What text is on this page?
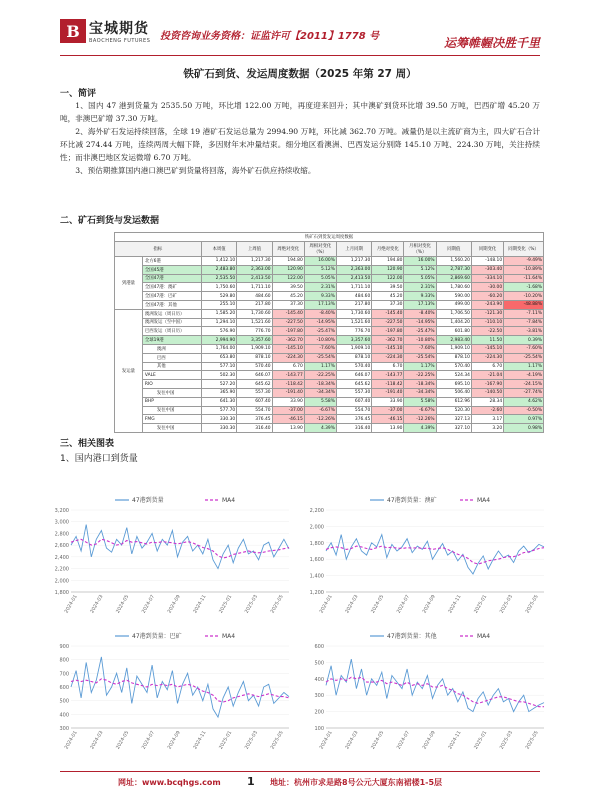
B 宝城期货
BAOCHENG FUTURES 投资咨询业务资格：证监许可【2011】1778 号	运筹帷幄决胜千里
铁矿石到货、发运周度数据（2025 年第 27 周）
一、简评

1、国内 47 港到货量为 2535.50 万吨，环比增 122.00 万吨，再度迎来回升；其中澳矿到货环比增 39.50 万吨，巴西矿增 45.20 万吨，非澳巴矿增 37.30 万吨。

2、海外矿石发运持续回落，全球 19 港矿石发运总量为 2994.90 万吨，环比减 362.70 万吨。减量仍是以主流矿商为主，四大矿石合计环比减 274.44 万吨，连续两周大幅下降，多因财年末冲量结束。细分地区看澳洲、巴西发运分别降 145.10 万吨、224.30 万吨，关注持续性；而非澳巴地区发运微增 6.70 万吨。

3、预估期推算国内港口澳巴矿到货量将回落，海外矿石供应持续收缩。

二、矿石到货与发运数据
铁矿石到货发运周度数据											
指标		本周值	上周值	周绝对变化	周相对变化（%）	上月同期	月绝对变化	月相对变化（%）	同期值	同期变化	同期变化（%）
到港量	北方6港	1,412.10	1,217.30	194.80	16.00%	1,217.30	194.80	16.00%	1,560.20	-148.10	-9.49%
	全国45港	2,483.80	2,363.00	120.90	5.12%	2,363.00	120.90	5.12%	2,787.30	-303.40	-10.89%
	全国47港	2,535.50	2,413.50	122.00	5.05%	2,413.50	122.00	5.05%	2,869.60	-334.10	-11.64%
	全国47港：澳矿	1,750.60	1,711.10	39.50	2.31%	1,711.10	39.50	2.31%	1,780.60	-30.00	-1.68%
	全国47港：巴矿	529.80	484.60	45.20	9.33%	484.60	45.20	9.33%	590.00	-60.20	-10.20%
	全国47港：其他	255.10	217.80	37.30	17.13%	217.80	37.30	17.13%	499.00	-243.90	-48.88%
发运量	澳洲发运（周日历）	1,585.20	1,730.60	-145.40	-8.40%	1,730.60	-145.40	-8.40%	1,706.50	-121.30	-7.11%
	澳洲发运（至中国）	1,294.10	1,521.60	-227.50	-14.95%	1,521.60	-227.50	-14.95%	1,404.20	-110.10	-7.84%
	巴西发运（周日历）	576.90	776.70	-197.80	-25.47%	776.70	-197.80	-25.47%	601.80	-22.50	-3.81%
	全球19港	2,994.90	3,357.60	-362.70	-10.80%	3,357.60	-362.70	-10.80%	2,983.40	11.50	0.39%
	澳洲	1,764.00	1,909.10	-145.10	-7.60%	1,909.10	-145.10	-7.60%	1,909.10	-145.10	-7.60%
	巴西	653.80	878.10	-224.30	-25.54%	878.10	-224.30	-25.54%	878.10	-224.30	-25.54%
	其他	577.10	570.40	6.70	1.17%	570.40	6.70	1.17%	570.40	6.70	1.17%
	VALE	502.30	646.07	-143.77	-22.25%	646.07	-143.77	-22.25%	524.34	-21.04	-4.19%
	RIO	527.20	645.62	-118.42	-18.34%	645.62	-118.42	-18.34%	695.10	-167.90	-24.15%
	发往中国	365.90	557.30	-191.40	-34.34%	557.30	-191.40	-34.34%	506.40	-140.50	-27.74%
	BHP	641.30	607.40	33.90	5.58%	607.40	33.90	5.58%	612.96	28.34	4.62%
	发往中国	577.70	554.70	-37.00	-6.67%	554.70	-37.00	-6.67%	520.30	-2.60	-0.50%
	FMG	330.30	376.45	-46.15	-12.26%	376.45	-46.15	-12.26%	327.13	3.17	0.97%
	发往中国	330.30	316.40	13.90	4.39%	316.40	13.90	4.39%	327.10	3.20	0.98%
三、相关图表
1、国内港口到货量
47港到货量	MA4
3,200
3,000
2,800
2,600
2,400
2,200
2,000
1,800
2024-01 2024-03 2024-05 2024-07 2024-09 2024-11 2025-01 2025-03 2025-05
47港到货量：澳矿	MA4
2,200
2,000
1,800
1,600
1,400
1,200
2024-01 2024-03 2024-05 2024-07 2024-09 2024-11 2025-01 2025-03 2025-05
47港到货量：巴矿	MA4
900
800
700
600
500
400
300
2024-01 2024-03 2024-05 2024-07 2024-09 2024-11 2025-01 2025-03 2025-05
47港到货量：其他	MA4
600
500
400
300
200
100
2024-01 2024-03 2024-05 2024-07 2024-09 2024-11 2025-01 2025-03 2025-05
网址：www.bcqhgs.com 1 地址：杭州市求是路8号公元大厦东南裙楼1-5层
